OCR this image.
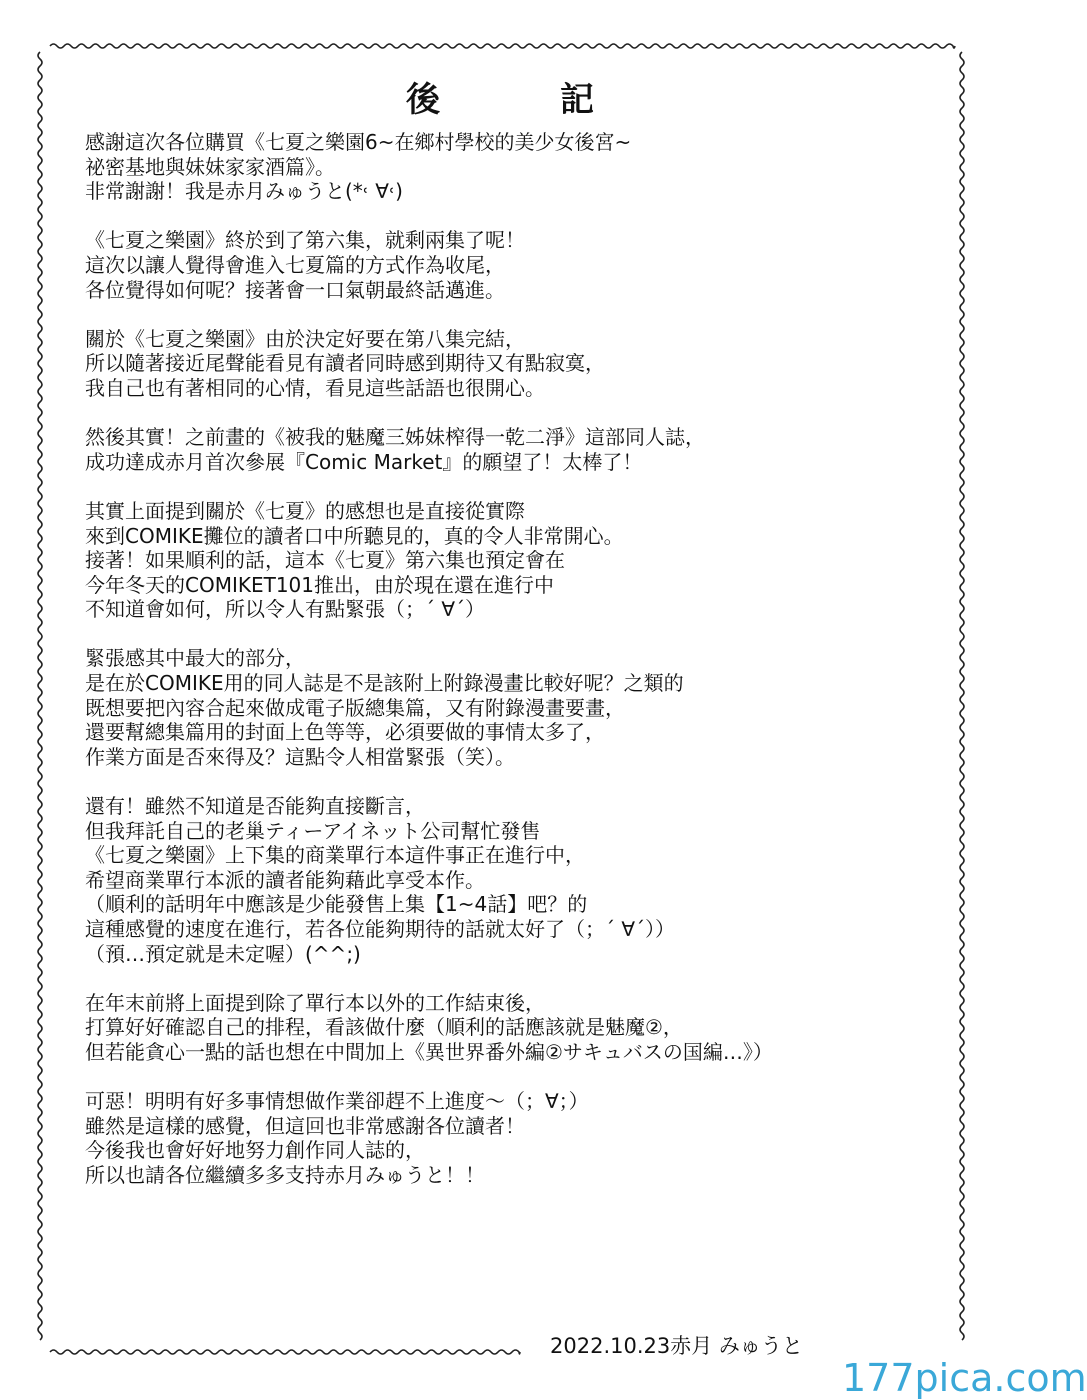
後	記
感謝這次各位購買《七夏之樂園6~在鄉村學校的美少女後宮~
祕密基地與妹妹家家酒篇》。
非常謝謝！我是赤月みゅうと(*˓ ∀˓)
《七夏之樂園》終於到了第六集，就剩兩集了呢！
這次以讓人覺得會進入七夏篇的方式作為收尾，
各位覺得如何呢？接著會一口氣朝最終話邁進。
關於《七夏之樂園》由於決定好要在第八集完結，
所以隨著接近尾聲能看見有讀者同時感到期待又有點寂寞，
我自己也有著相同的心情，看見這些話語也很開心。
然後其實！之前畫的《被我的魅魔三姊妹榨得一乾二淨》這部同人誌，
成功達成赤月首次參展『Comic Market』的願望了！太棒了！
其實上面提到關於《七夏》的感想也是直接從實際
來到COMIKE攤位的讀者口中所聽見的，真的令人非常開心。
接著！如果順利的話，這本《七夏》第六集也預定會在
今年冬天的COMIKET101推出，由於現在還在進行中
不知道會如何，所以令人有點緊張（；´ ∀´）
緊張感其中最大的部分，
是在於COMIKE用的同人誌是不是該附上附錄漫畫比較好呢？之類的
既想要把內容合起來做成電子版總集篇，又有附錄漫畫要畫，
還要幫總集篇用的封面上色等等，必須要做的事情太多了，
作業方面是否來得及？這點令人相當緊張（笑）。
還有！雖然不知道是否能夠直接斷言，
但我拜託自己的老巢ティーアイネット公司幫忙發售
《七夏之樂園》上下集的商業單行本這件事正在進行中，
希望商業單行本派的讀者能夠藉此享受本作。
（順利的話明年中應該是少能發售上集【1~4話】吧？的
這種感覺的速度在進行，若各位能夠期待的話就太好了（；´ ∀´））
（預…預定就是未定喔）(^^;)
在年末前將上面提到除了單行本以外的工作結束後，
打算好好確認自己的排程，看該做什麼（順利的話應該就是魅魔②，
但若能貪心一點的話也想在中間加上《異世界番外編②サキュバスの国編…》）
可惡！明明有好多事情想做作業卻趕不上進度～（；∀；）
雖然是這樣的感覺，但這回也非常感謝各位讀者！
今後我也會好好地努力創作同人誌的，
所以也請各位繼續多多支持赤月みゅうと！！
2022.10.23赤月 みゅうと
177pica.com
